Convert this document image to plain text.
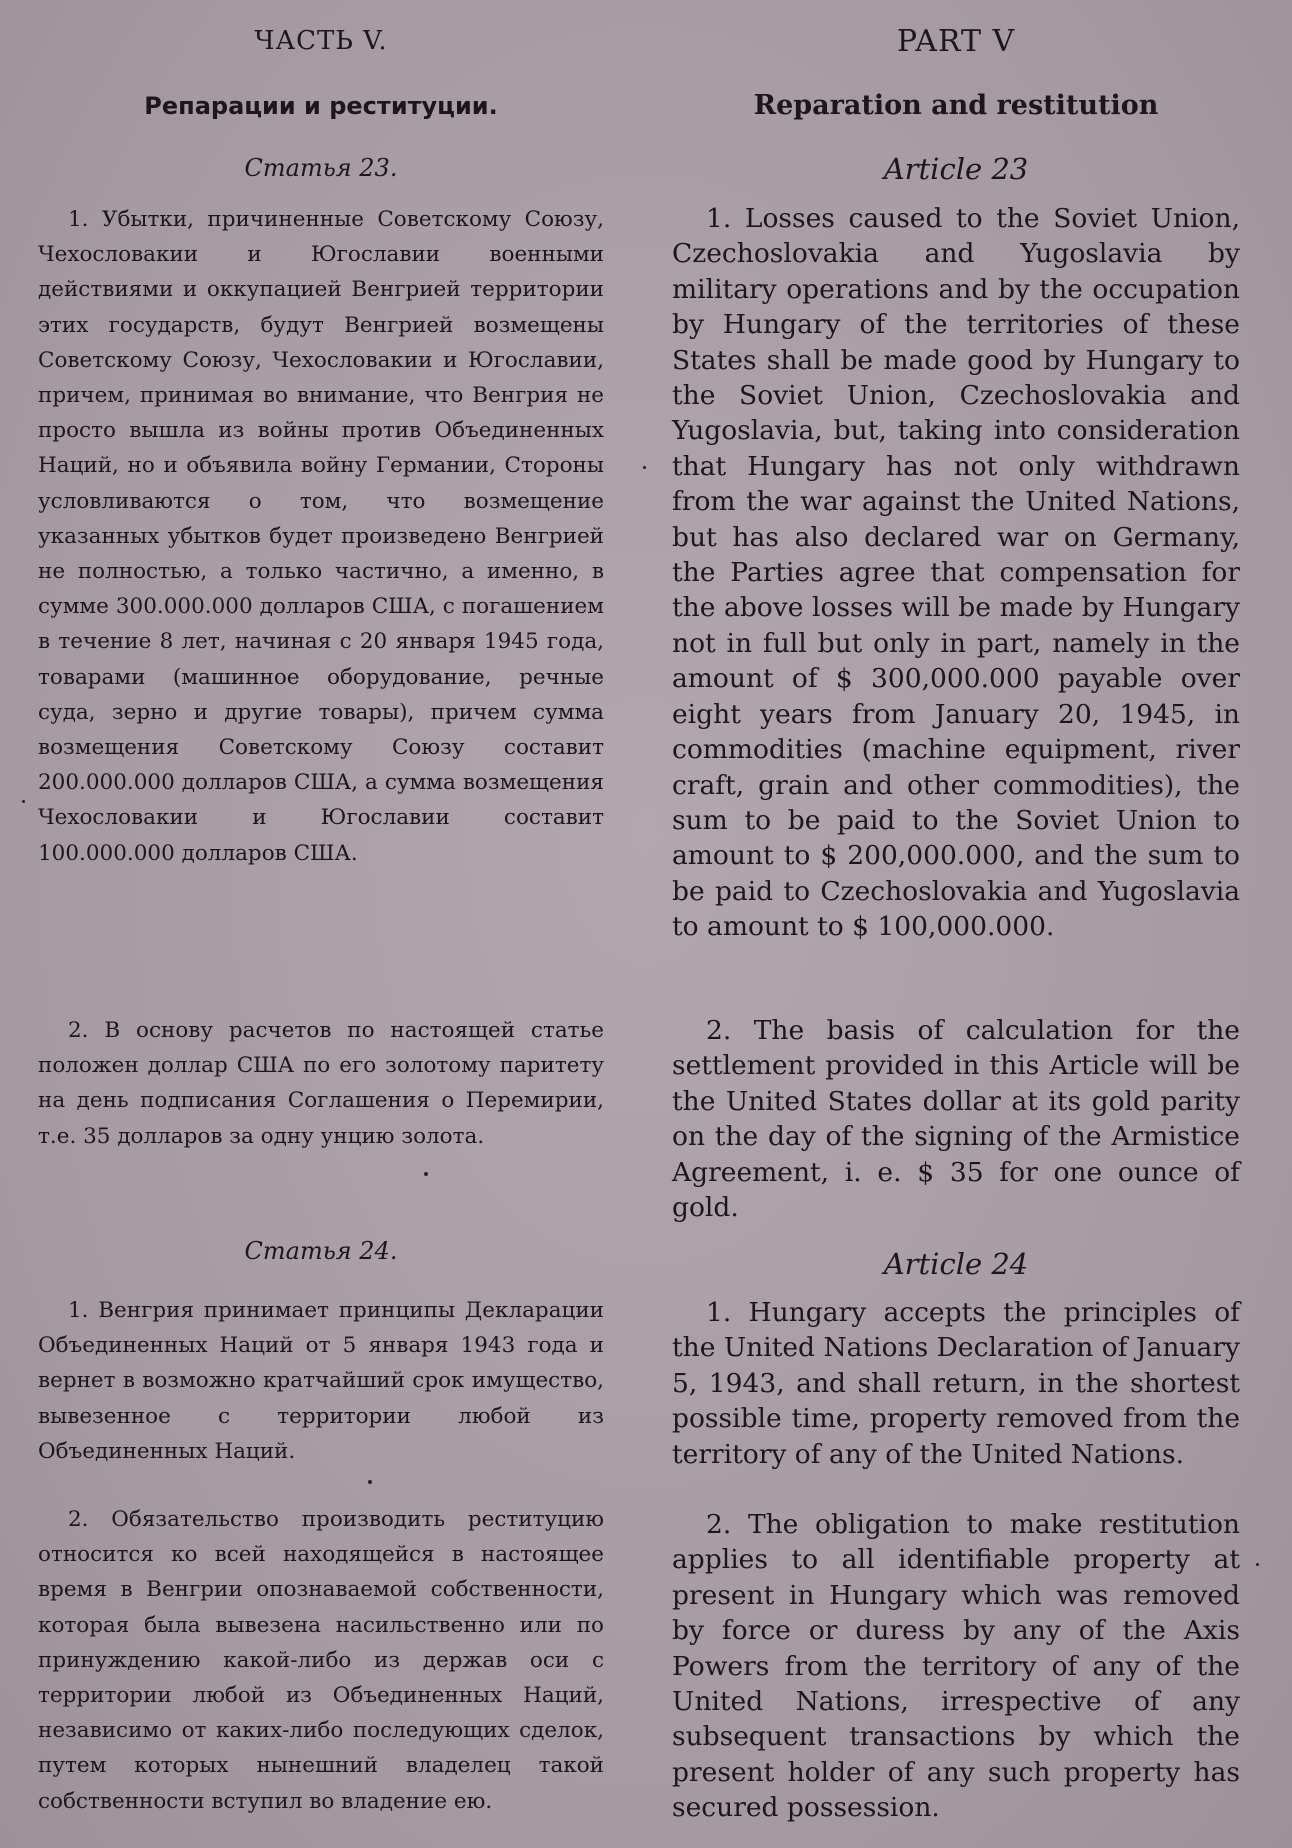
ЧАСТЬ V.
Репарации и реституции.
Статья 23.

1. Убытки, причиненные Советскому Союзу, Чехословакии и Югославии военными действиями и оккупацией Венгрией территории этих государств, будут Венгрией возмещены Советскому Союзу, Чехословакии и Югославии, причем, принимая во внимание, что Венгрия не просто вышла из войны против Объединенных Наций, но и объявила войну Германии, Стороны условливаются о том, что возмещение указанных убытков будет произведено Венгрией не полностью, а только частично, а именно, в сумме 300.000.000 долларов США, с погашением в течение 8 лет, начиная с 20 января 1945 года, товарами (машинное оборудование, речные суда, зерно и другие товары), причем сумма возмещения Советскому Союзу составит 200.000.000 долларов США, а сумма возмещения Чехословакии и Югославии составит 100.000.000 долларов США.

2. В основу расчетов по настоящей статье положен доллар США по его золотому паритету на день подписания Соглашения о Перемирии, т.е. 35 долларов за одну унцию золота.

Статья 24.

1. Венгрия принимает принципы Декларации Объединенных Наций от 5 января 1943 года и вернет в возможно кратчайший срок имущество, вывезенное с территории любой из Объединенных Наций.

2. Обязательство производить реституцию относится ко всей находящейся в настоящее время в Венгрии опознаваемой собственности, которая была вывезена насильственно или по принуждению какой-либо из держав оси с территории любой из Объединенных Наций, независимо от каких-либо последующих сделок, путем которых нынешний владелец такой собственности вступил во владение ею.

PART V
Reparation and restitution
Article 23

1. Losses caused to the Soviet Union, Czechoslovakia and Yugoslavia by military operations and by the occupation by Hungary of the territories of these States shall be made good by Hungary to the Soviet Union, Czechoslovakia and Yugoslavia, but, taking into consideration that Hungary has not only withdrawn from the war against the United Nations, but has also declared war on Germany, the Parties agree that compensation for the above losses will be made by Hungary not in full but only in part, namely in the amount of $ 300,000.000 payable over eight years from January 20, 1945, in commodities (machine equipment, river craft, grain and other commodities), the sum to be paid to the Soviet Union to amount to $ 200,000.000, and the sum to be paid to Czechoslovakia and Yugoslavia to amount to $ 100,000.000.

2. The basis of calculation for the settlement provided in this Article will be the United States dollar at its gold parity on the day of the signing of the Armistice Agreement, i. e. $ 35 for one ounce of gold.

Article 24

1. Hungary accepts the principles of the United Nations Declaration of January 5, 1943, and shall return, in the shortest possible time, property removed from the territory of any of the United Nations.

2. The obligation to make restitution applies to all identifiable property at present in Hungary which was removed by force or duress by any of the Axis Powers from the territory of any of the United Nations, irrespective of any subsequent transactions by which the present holder of any such property has secured possession.
